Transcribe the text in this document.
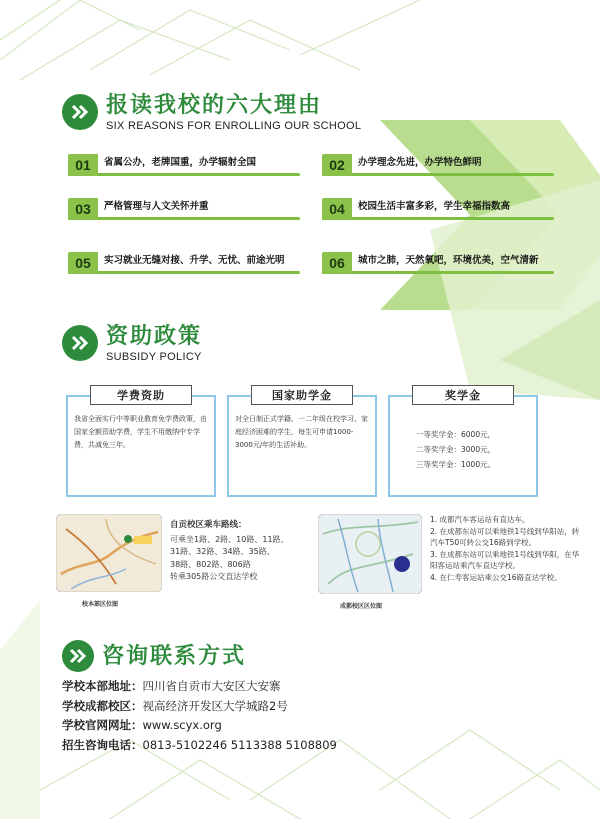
报读我校的六大理由
SIX REASONS FOR ENROLLING OUR SCHOOL
01	省属公办，老牌国重，办学辐射全国	02	办学理念先进，办学特色鲜明
03	严格管理与人文关怀并重	04	校园生活丰富多彩，学生幸福指数高
05	实习就业无缝对接、升学、无忧、前途光明	06	城市之肺，天然氧吧，环境优美，空气清新
资助政策
SUBSIDY POLICY
学费资助
我省全面实行中等职业教育免学费政策，由国家全额资助学费，学生不用缴纳中专学费，共减免三年。
国家助学金
对全日制正式学籍、一二年级在校学习、家庭经济困难的学生，每生可申请1000-3000元/年的生活补助。
奖学金
一等奖学金：6000元，
二等奖学金：3000元，
三等奖学金：1000元。
校本部区位图
自贡校区乘车路线：
可乘坐1路、2路、10路、11路、
31路、32路、34路、35路、
38路、802路、806路
转乘305路公交直达学校
成都校区区位图
1. 成都汽车客运站有直达车。
2. 在成都东站可以乘地铁1号线到华阳站，转汽车T50可转公交16路到学校。
3. 在成都东站可以乘地铁1号线到华阳，在华阳客运站乘汽车直达学校。
4. 在仁寿客运站乘公交16路直达学校。
咨询联系方式
学校本部地址：四川省自贡市大安区大安寨
学校成都校区：视高经济开发区大学城路2号
学校官网网址：www.scyx.org
招生咨询电话：0813-5102246 5113388 5108809
